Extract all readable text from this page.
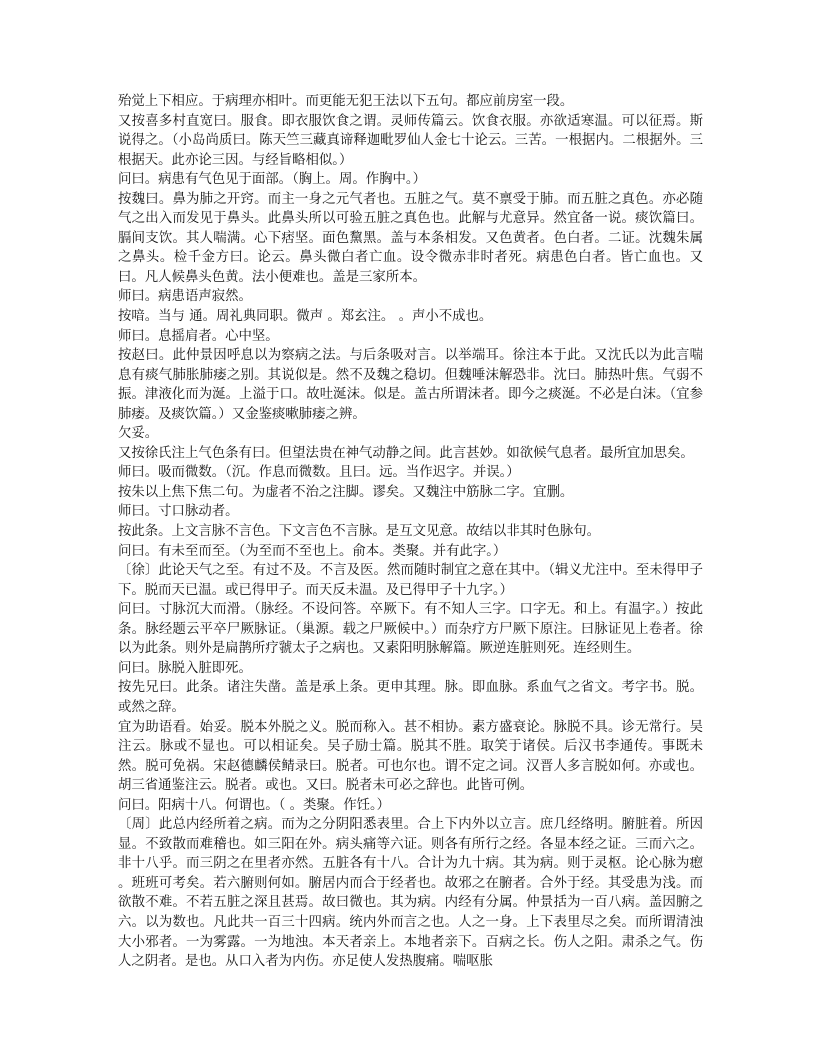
殆觉上下相应。于病理亦相叶。而更能无犯王法以下五句。都应前房室一段。

又按喜多村直宽曰。服食。即衣服饮食之谓。灵师传篇云。饮食衣服。亦欲适寒温。可以征焉。斯说得之。（小岛尚质曰。陈天竺三藏真谛释迦毗罗仙人金七十论云。三苦。一根据内。二根据外。三根据天。此亦论三因。与经旨略相似。）

问曰。病患有气色见于面部。（胸上。周。作胸中。）

按魏曰。鼻为肺之开窍。而主一身之元气者也。五脏之气。莫不禀受于肺。而五脏之真色。亦必随气之出入而发见于鼻头。此鼻头所以可验五脏之真色也。此解与尤意异。然宜备一说。痰饮篇曰。膈间支饮。其人喘满。心下痞坚。面色黧黑。盖与本条相发。又色黄者。色白者。二证。沈魏朱属之鼻头。检千金方曰。论云。鼻头微白者亡血。设令微赤非时者死。病患色白者。皆亡血也。又曰。凡人候鼻头色黄。法小便难也。盖是三家所本。

师曰。病患语声寂然。

按喑。当与 通。周礼典同职。微声 。郑玄注。 。声小不成也。

师曰。息摇肩者。心中坚。

按赵曰。此仲景因呼息以为察病之法。与后条吸对言。以举端耳。徐注本于此。又沈氏以为此言喘息有痰气肺胀肺痿之别。其说似是。然不及魏之稳切。但魏唾沫解恐非。沈曰。肺热叶焦。气弱不振。津液化而为涎。上溢于口。故吐涎沫。似是。盖古所谓沫者。即今之痰涎。不必是白沫。（宜参肺痿。及痰饮篇。）又金鉴痰嗽肺痿之辨。

欠妥。

又按徐氏注上气色条有曰。但望法贵在神气动静之间。此言甚妙。如欲候气息者。最所宜加思矣。

师曰。吸而微数。（沉。作息而微数。且曰。远。当作迟字。并误。）

按朱以上焦下焦二句。为虚者不治之注脚。谬矣。又魏注中筋脉二字。宜删。

师曰。寸口脉动者。

按此条。上文言脉不言色。下文言色不言脉。是互文见意。故结以非其时色脉句。

问曰。有未至而至。（为至而不至也上。俞本。类聚。并有此字。）

〔徐〕此论天气之至。有过不及。不言及医。然而随时制宜之意在其中。（辑义尤注中。至未得甲子下。脱而天已温。或已得甲子。而天反未温。及已得甲子十九字。）

问曰。寸脉沉大而滑。（脉经。不设问答。卒厥下。有不知人三字。口字无。和上。有温字。）按此条。脉经题云平卒尸厥脉证。（巢源。载之尸厥候中。）而杂疗方尸厥下原注。曰脉证见上卷者。徐 以为此条。则外是扁鹊所疗虢太子之病也。又素阳明脉解篇。厥逆连脏则死。连经则生。

问曰。脉脱入脏即死。

按先兄曰。此条。诸注失凿。盖是承上条。更申其理。脉。即血脉。系血气之省文。考字书。脱。或然之辞。

宜为助语看。始妥。脱本外脱之义。脱而称入。甚不相协。素方盛衰论。脉脱不具。诊无常行。吴 注云。脉或不显也。可以相证矣。吴子励士篇。脱其不胜。取笑于诸侯。后汉书李通传。事既未然。脱可免祸。宋赵德麟侯鲭录曰。脱者。可也尔也。谓不定之词。汉晋人多言脱如何。亦或也。胡三省通鉴注云。脱者。或也。又曰。脱者未可必之辞也。此皆可例。

问曰。阳病十八。何谓也。（ 。类聚。作饪。）

〔周〕此总内经所着之病。而为之分阴阳悉表里。合上下内外以立言。庶几经络明。腑脏着。所因显。不致散而难稽也。如三阳在外。病头痛等六证。则各有所行之经。各显本经之证。三而六之。非十八乎。而三阴之在里者亦然。五脏各有十八。合计为九十病。其为病。则于灵枢。论心脉为瘛 。班班可考矣。若六腑则何如。腑居内而合于经者也。故邪之在腑者。合外于经。其受患为浅。而欲散不难。不若五脏之深且甚焉。故曰微也。其为病。内经有分属。仲景括为一百八病。盖因腑之六。以为数也。凡此共一百三十四病。统内外而言之也。人之一身。上下表里尽之矣。而所谓清浊大小邪者。一为雾露。一为地浊。本天者亲上。本地者亲下。百病之长。伤人之阳。肃杀之气。伤人之阴者。是也。从口入者为内伤。亦足使人发热腹痛。喘呕胀
